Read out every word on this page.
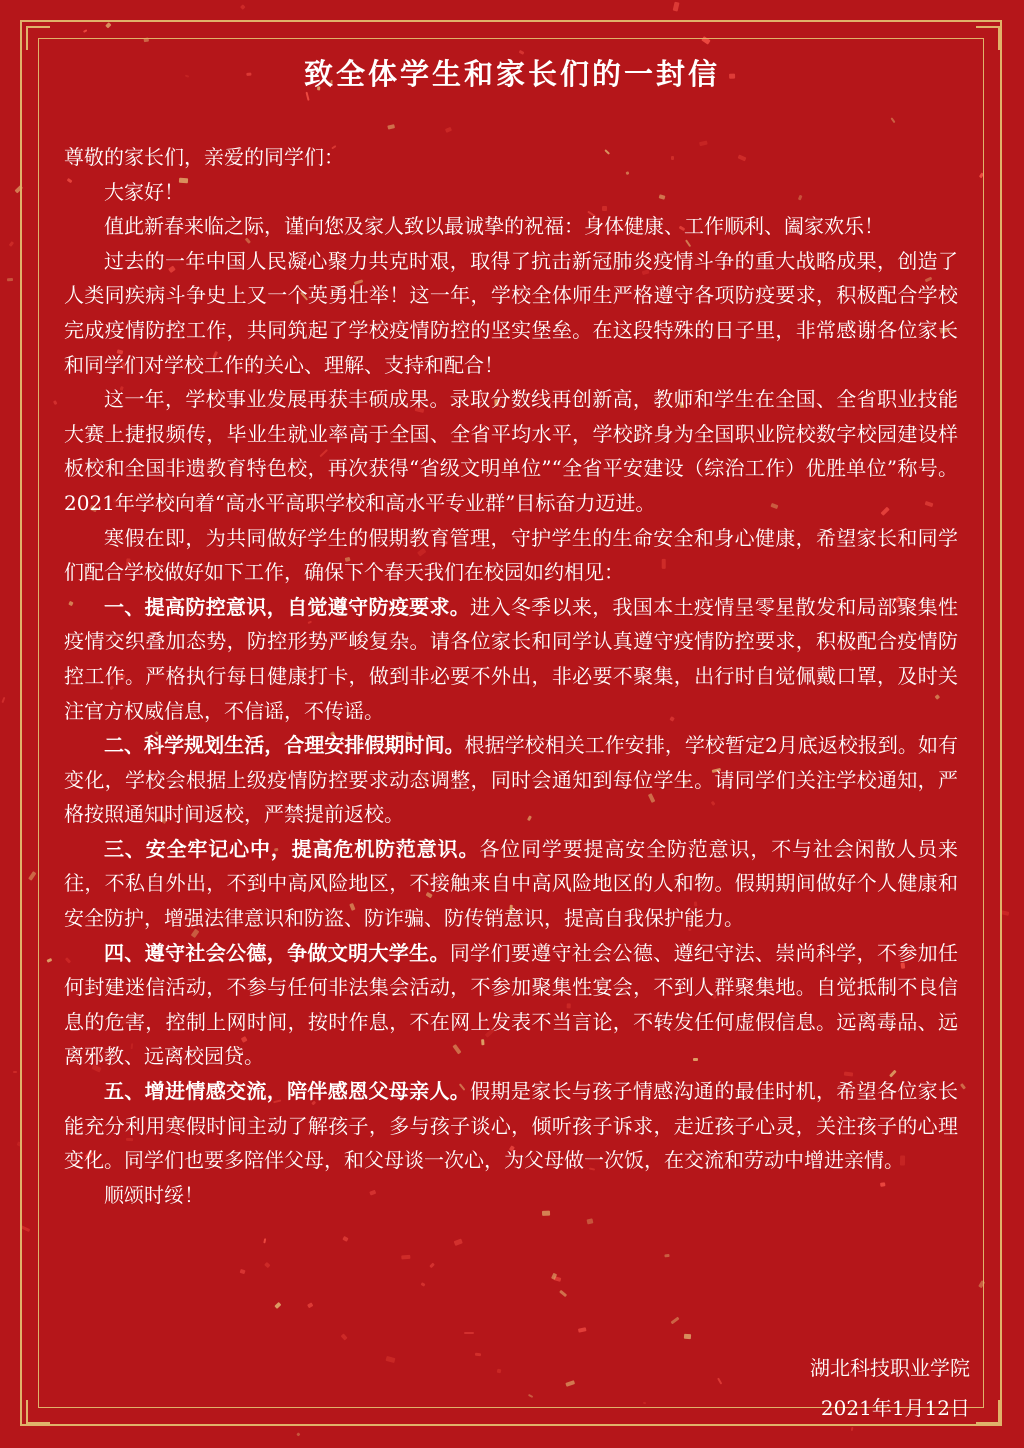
致全体学生和家长们的一封信

尊敬的家长们，亲爱的同学们：

大家好！

值此新春来临之际，谨向您及家人致以最诚挚的祝福：身体健康、工作顺利、阖家欢乐！

过去的一年中国人民凝心聚力共克时艰，取得了抗击新冠肺炎疫情斗争的重大战略成果，创造了人类同疾病斗争史上又一个英勇壮举！这一年，学校全体师生严格遵守各项防疫要求，积极配合学校完成疫情防控工作，共同筑起了学校疫情防控的坚实堡垒。在这段特殊的日子里，非常感谢各位家长和同学们对学校工作的关心、理解、支持和配合！

这一年，学校事业发展再获丰硕成果。录取分数线再创新高，教师和学生在全国、全省职业技能大赛上捷报频传，毕业生就业率高于全国、全省平均水平，学校跻身为全国职业院校数字校园建设样板校和全国非遗教育特色校，再次获得“省级文明单位”“全省平安建设（综治工作）优胜单位”称号。2021年学校向着“高水平高职学校和高水平专业群”目标奋力迈进。

寒假在即，为共同做好学生的假期教育管理，守护学生的生命安全和身心健康，希望家长和同学们配合学校做好如下工作，确保下个春天我们在校园如约相见：

一、提高防控意识，自觉遵守防疫要求。进入冬季以来，我国本土疫情呈零星散发和局部聚集性疫情交织叠加态势，防控形势严峻复杂。请各位家长和同学认真遵守疫情防控要求，积极配合疫情防控工作。严格执行每日健康打卡，做到非必要不外出，非必要不聚集，出行时自觉佩戴口罩，及时关注官方权威信息，不信谣，不传谣。

二、科学规划生活，合理安排假期时间。根据学校相关工作安排，学校暂定2月底返校报到。如有变化，学校会根据上级疫情防控要求动态调整，同时会通知到每位学生。请同学们关注学校通知，严格按照通知时间返校，严禁提前返校。

三、安全牢记心中，提高危机防范意识。各位同学要提高安全防范意识，不与社会闲散人员来往，不私自外出，不到中高风险地区，不接触来自中高风险地区的人和物。假期期间做好个人健康和安全防护，增强法律意识和防盗、防诈骗、防传销意识，提高自我保护能力。

四、遵守社会公德，争做文明大学生。同学们要遵守社会公德、遵纪守法、崇尚科学，不参加任何封建迷信活动，不参与任何非法集会活动，不参加聚集性宴会，不到人群聚集地。自觉抵制不良信息的危害，控制上网时间，按时作息，不在网上发表不当言论，不转发任何虚假信息。远离毒品、远离邪教、远离校园贷。

五、增进情感交流，陪伴感恩父母亲人。假期是家长与孩子情感沟通的最佳时机，希望各位家长能充分利用寒假时间主动了解孩子，多与孩子谈心，倾听孩子诉求，走近孩子心灵，关注孩子的心理变化。同学们也要多陪伴父母，和父母谈一次心，为父母做一次饭，在交流和劳动中增进亲情。

顺颂时绥！

湖北科技职业学院
2021年1月12日
